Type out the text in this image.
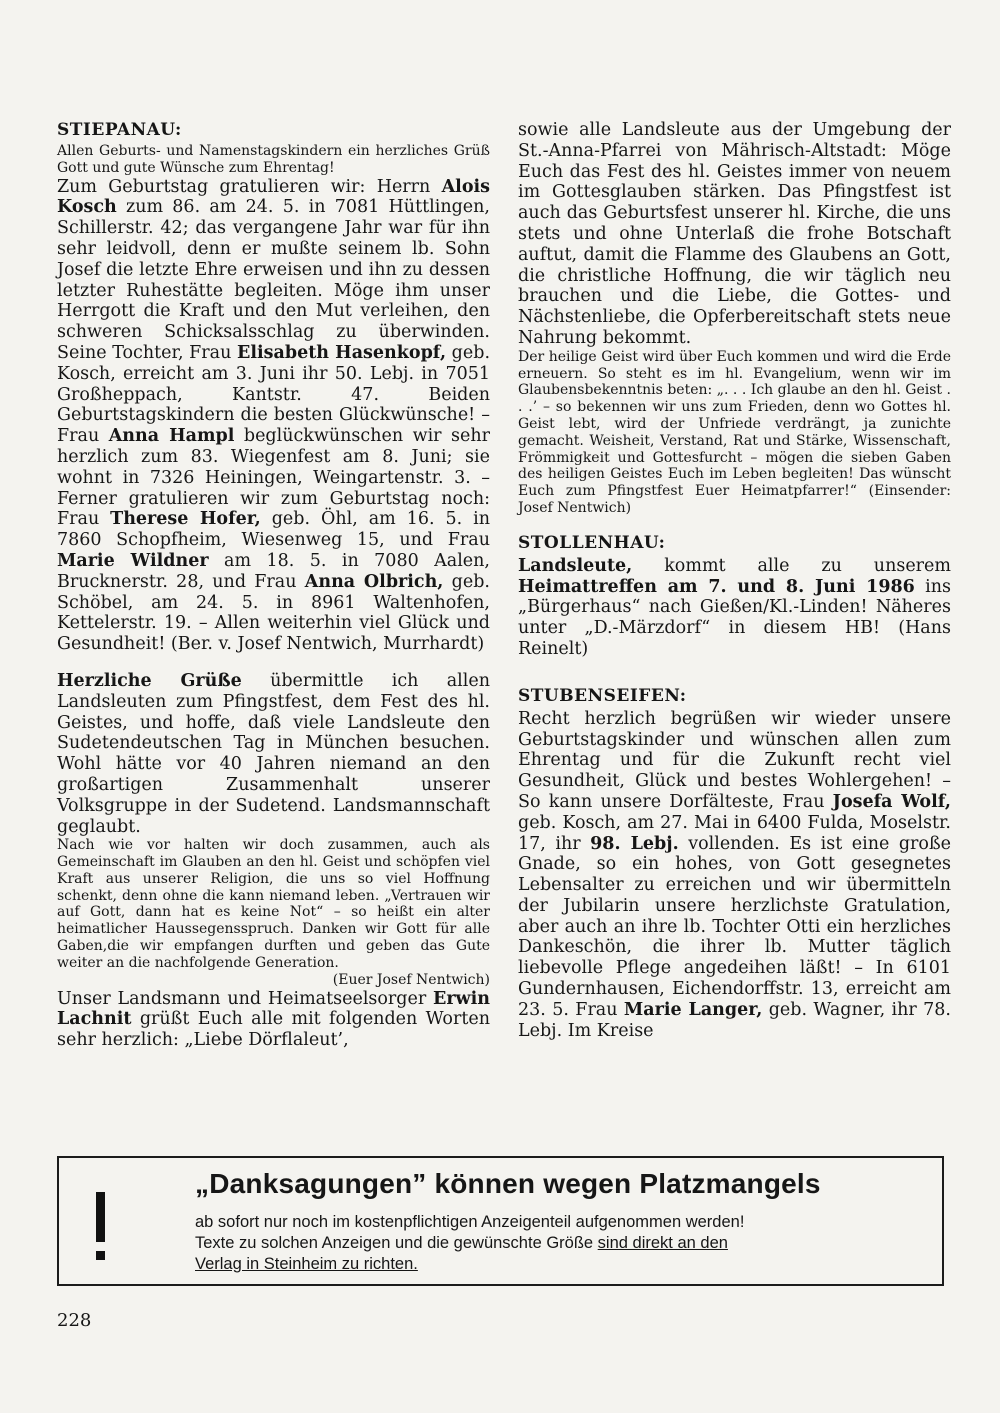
STIEPANAU:

Allen Geburts- und Namenstagskindern ein herzliches Grüß Gott und gute Wünsche zum Ehrentag!

Zum Geburtstag gratulieren wir: Herrn Alois Kosch zum 86. am 24. 5. in 7081 Hüttlingen, Schillerstr. 42; das vergangene Jahr war für ihn sehr leidvoll, denn er mußte seinem lb. Sohn Josef die letzte Ehre erweisen und ihn zu dessen letzter Ruhestätte begleiten. Möge ihm unser Herrgott die Kraft und den Mut verleihen, den schweren Schicksalsschlag zu überwinden. Seine Tochter, Frau Elisabeth Hasenkopf, geb. Kosch, erreicht am 3. Juni ihr 50. Lebj. in 7051 Großheppach, Kantstr. 47. Beiden Geburtstagskindern die besten Glückwünsche! – Frau Anna Hampl beglückwünschen wir sehr herzlich zum 83. Wiegenfest am 8. Juni; sie wohnt in 7326 Heiningen, Weingartenstr. 3. – Ferner gratulieren wir zum Geburtstag noch: Frau Therese Hofer, geb. Öhl, am 16. 5. in 7860 Schopfheim, Wiesenweg 15, und Frau Marie Wildner am 18. 5. in 7080 Aalen, Brucknerstr. 28, und Frau Anna Olbrich, geb. Schöbel, am 24. 5. in 8961 Waltenhofen, Kettelerstr. 19. – Allen weiterhin viel Glück und Gesundheit! (Ber. v. Josef Nentwich, Murrhardt)

Herzliche Grüße übermittle ich allen Landsleuten zum Pfingstfest, dem Fest des hl. Geistes, und hoffe, daß viele Landsleute den Sudetendeutschen Tag in München besuchen. Wohl hätte vor 40 Jahren niemand an den großartigen Zusammenhalt unserer Volksgruppe in der Sudetend. Landsmannschaft geglaubt.

Nach wie vor halten wir doch zusammen, auch als Gemeinschaft im Glauben an den hl. Geist und schöpfen viel Kraft aus unserer Religion, die uns so viel Hoffnung schenkt, denn ohne die kann niemand leben. „Vertrauen wir auf Gott, dann hat es keine Not“ – so heißt ein alter heimatlicher Haussegensspruch. Danken wir Gott für alle Gaben,die wir empfangen durften und geben das Gute weiter an die nachfolgende Generation.

(Euer Josef Nentwich)

Unser Landsmann und Heimatseelsorger Erwin Lachnit grüßt Euch alle mit folgenden Worten sehr herzlich: „Liebe Dörflaleut’,

sowie alle Landsleute aus der Umgebung der St.-Anna-Pfarrei von Mährisch-Altstadt: Möge Euch das Fest des hl. Geistes immer von neuem im Gottesglauben stärken. Das Pfingstfest ist auch das Geburtsfest unserer hl. Kirche, die uns stets und ohne Unterlaß die frohe Botschaft auftut, damit die Flamme des Glaubens an Gott, die christliche Hoffnung, die wir täglich neu brauchen und die Liebe, die Gottes- und Nächstenliebe, die Opferbereitschaft stets neue Nahrung bekommt.

Der heilige Geist wird über Euch kommen und wird die Erde erneuern. So steht es im hl. Evangelium, wenn wir im Glaubensbekenntnis beten: „. . . Ich glaube an den hl. Geist . . .’ – so bekennen wir uns zum Frieden, denn wo Gottes hl. Geist lebt, wird der Unfriede verdrängt, ja zunichte gemacht. Weisheit, Verstand, Rat und Stärke, Wissenschaft, Frömmigkeit und Gottesfurcht – mögen die sieben Gaben des heiligen Geistes Euch im Leben begleiten! Das wünscht Euch zum Pfingstfest Euer Heimatpfarrer!“ (Einsender: Josef Nentwich)

STOLLENHAU:

Landsleute, kommt alle zu unserem Heimattreffen am 7. und 8. Juni 1986 ins „Bürgerhaus“ nach Gießen/Kl.-Linden! Näheres unter „D.-Märzdorf“ in diesem HB! (Hans Reinelt)

STUBENSEIFEN:

Recht herzlich begrüßen wir wieder unsere Geburtstagskinder und wünschen allen zum Ehrentag und für die Zukunft recht viel Gesundheit, Glück und bestes Wohlergehen! – So kann unsere Dorfälteste, Frau Josefa Wolf, geb. Kosch, am 27. Mai in 6400 Fulda, Moselstr. 17, ihr 98. Lebj. vollenden. Es ist eine große Gnade, so ein hohes, von Gott gesegnetes Lebensalter zu erreichen und wir übermitteln der Jubilarin unsere herzlichste Gratulation, aber auch an ihre lb. Tochter Otti ein herzliches Dankeschön, die ihrer lb. Mutter täglich liebevolle Pflege angedeihen läßt! – In 6101 Gundernhausen, Eichendorffstr. 13, erreicht am 23. 5. Frau Marie Langer, geb. Wagner, ihr 78. Lebj. Im Kreise

„Danksagungen” können wegen Platzmangels
ab sofort nur noch im kostenpflichtigen Anzeigenteil aufgenommen werden!
Texte zu solchen Anzeigen und die gewünschte Größe sind direkt an den
Verlag in Steinheim zu richten.
228
